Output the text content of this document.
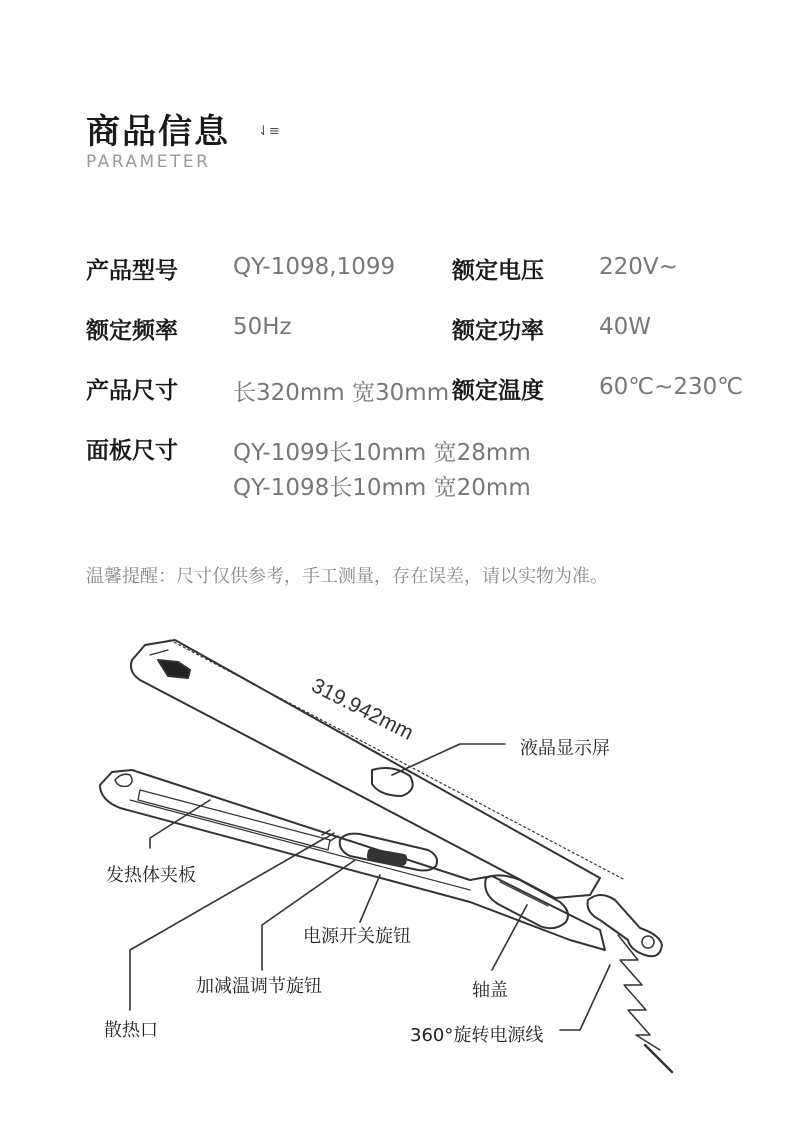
商品信息 ⇃≡
PARAMETER
产品型号 QY-1098,1099 额定电压 220V~
额定频率 50Hz	额定功率 40W
产品尺寸 长320mm 宽30mm 额定温度 60℃~230℃
面板尺寸 QY-1099长10mm 宽28mm
QY-1098长10mm 宽20mm
温馨提醒：尺寸仅供参考，手工测量，存在误差，请以实物为准。
319.942mm
液晶显示屏
发热体夹板
电源开关旋钮
加减温调节旋钮
散热口
轴盖
360°旋转电源线
